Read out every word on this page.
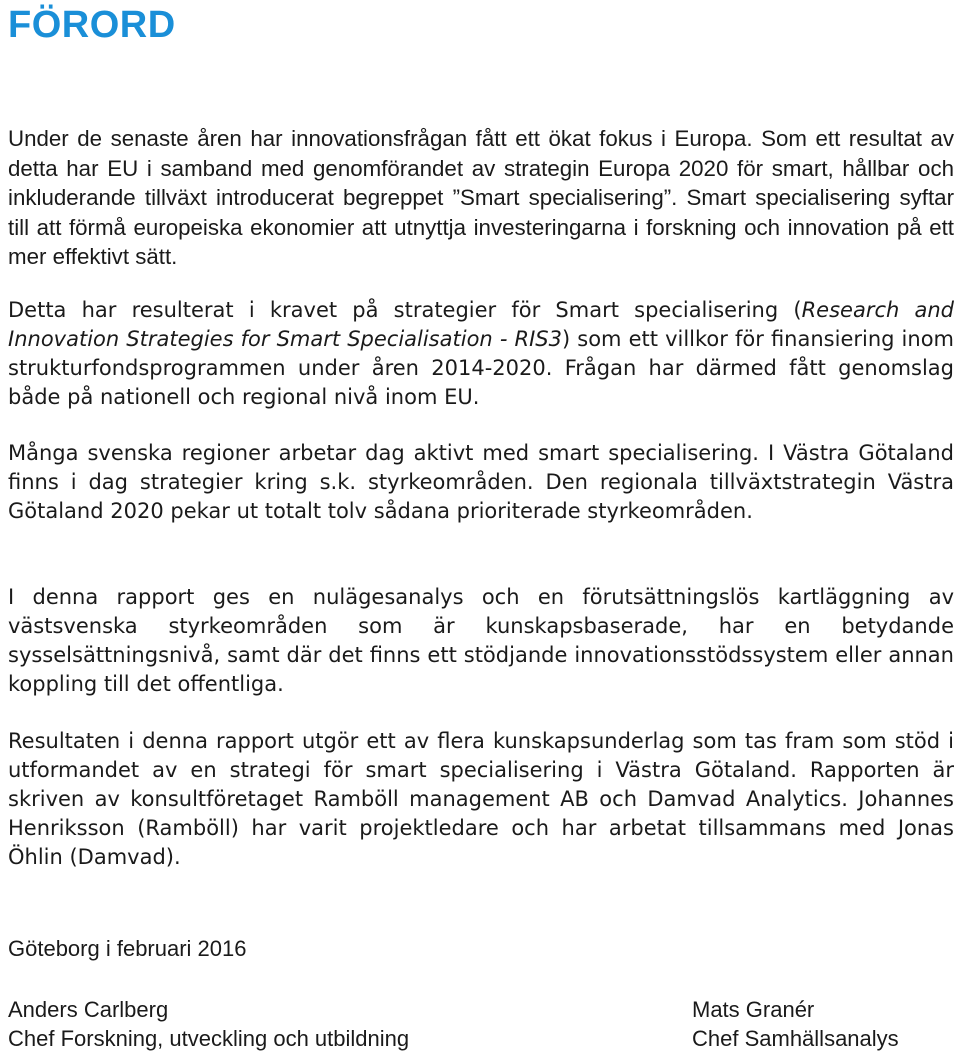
FÖRORD

Under de senaste åren har innovationsfrågan fått ett ökat fokus i Europa. Som ett resultat av detta har EU i samband med genomförandet av strategin Europa 2020 för smart, hållbar och inkluderande tillväxt introducerat begreppet ”Smart specialisering”. Smart specialisering syftar till att förmå europeiska ekonomier att utnyttja investeringarna i forskning och innovation på ett mer effektivt sätt.

Detta har resulterat i kravet på strategier för Smart specialisering (Research and Innovation Strategies for Smart Specialisation - RIS3) som ett villkor för finansiering inom strukturfondsprogrammen under åren 2014-2020. Frågan har därmed fått genomslag både på nationell och regional nivå inom EU.

Många svenska regioner arbetar dag aktivt med smart specialisering. I Västra Götaland finns i dag strategier kring s.k. styrkeområden. Den regionala tillväxtstrategin Västra Götaland 2020 pekar ut totalt tolv sådana prioriterade styrkeområden.

I denna rapport ges en nulägesanalys och en förutsättningslös kartläggning av västsvenska styrkeområden som är kunskapsbaserade, har en betydande sysselsättningsnivå, samt där det finns ett stödjande innovationsstödssystem eller annan koppling till det offentliga.

Resultaten i denna rapport utgör ett av flera kunskapsunderlag som tas fram som stöd i utformandet av en strategi för smart specialisering i Västra Götaland. Rapporten är skriven av konsultföretaget Ramböll management AB och Damvad Analytics. Johannes Henriksson (Ramböll) har varit projektledare och har arbetat tillsammans med Jonas Öhlin (Damvad).

Göteborg i februari 2016

Anders Carlberg

Chef Forskning, utveckling och utbildning

Mats Granér

Chef Samhällsanalys
